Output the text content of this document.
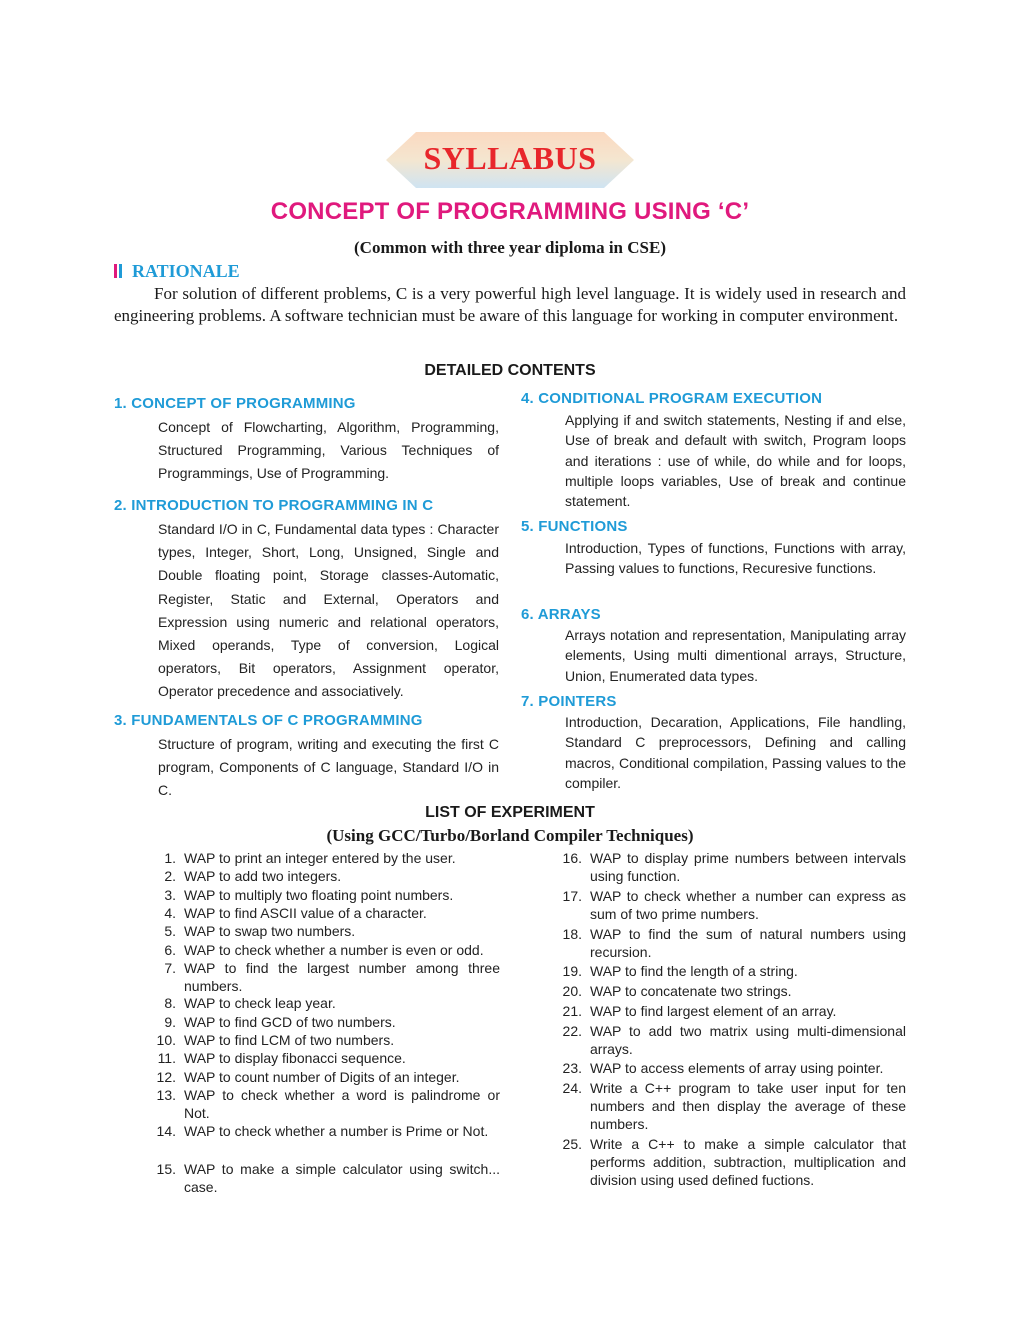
SYLLABUS
CONCEPT OF PROGRAMMING USING ‘C’
(Common with three year diploma in CSE)
RATIONALE
For solution of different problems, C is a very powerful high level language. It is widely used in research and engineering problems. A software technician must be aware of this language for working in computer environment.
DETAILED CONTENTS
1. CONCEPT OF PROGRAMMING
Concept of Flowcharting, Algorithm, Programming, Structured Programming, Various Techniques of Programmings, Use of Programming.
2. INTRODUCTION TO PROGRAMMING IN C
Standard I/O in C, Fundamental data types : Character types, Integer, Short, Long, Unsigned, Single and Double floating point, Storage classes-Automatic, Register, Static and External, Operators and Expression using numeric and relational operators, Mixed operands, Type of conversion, Logical operators, Bit operators, Assignment operator, Operator precedence and associatively.
3. FUNDAMENTALS OF C PROGRAMMING
Structure of program, writing and executing the first C program, Components of C language, Standard I/O in C.
4. CONDITIONAL PROGRAM EXECUTION
Applying if and switch statements, Nesting if and else, Use of break and default with switch, Program loops and iterations : use of while, do while and for loops, multiple loops variables, Use of break and continue statement.
5. FUNCTIONS
Introduction, Types of functions, Functions with array, Passing values to functions, Recuresive functions.
6. ARRAYS
Arrays notation and representation, Manipulating array elements, Using multi dimentional arrays, Structure, Union, Enumerated data types.
7. POINTERS
Introduction, Decaration, Applications, File handling, Standard C preprocessors, Defining and calling macros, Conditional compilation, Passing values to the compiler.
LIST OF EXPERIMENT
(Using GCC/Turbo/Borland Compiler Techniques)
1. WAP to print an integer entered by the user.
2. WAP to add two integers.
3. WAP to multiply two floating point numbers.
4. WAP to find ASCII value of a character.
5. WAP to swap two numbers.
6. WAP to check whether a number is even or odd.
7. WAP to find the largest number among three numbers.
8. WAP to check leap year.
9. WAP to find GCD of two numbers.
10. WAP to find LCM of two numbers.
11. WAP to display fibonacci sequence.
12. WAP to count number of Digits of an integer.
13. WAP to check whether a word is palindrome or Not.
14. WAP to check whether a number is Prime or Not.
15. WAP to make a simple calculator using switch... case.
16. WAP to display prime numbers between intervals using function.
17. WAP to check whether a number can express as sum of two prime numbers.
18. WAP to find the sum of natural numbers using recursion.
19. WAP to find the length of a string.
20. WAP to concatenate two strings.
21. WAP to find largest element of an array.
22. WAP to add two matrix using multi-dimensional arrays.
23. WAP to access elements of array using pointer.
24. Write a C++ program to take user input for ten numbers and then display the average of these numbers.
25. Write a C++ to make a simple calculator that performs addition, subtraction, multiplication and division using used defined fuctions.
